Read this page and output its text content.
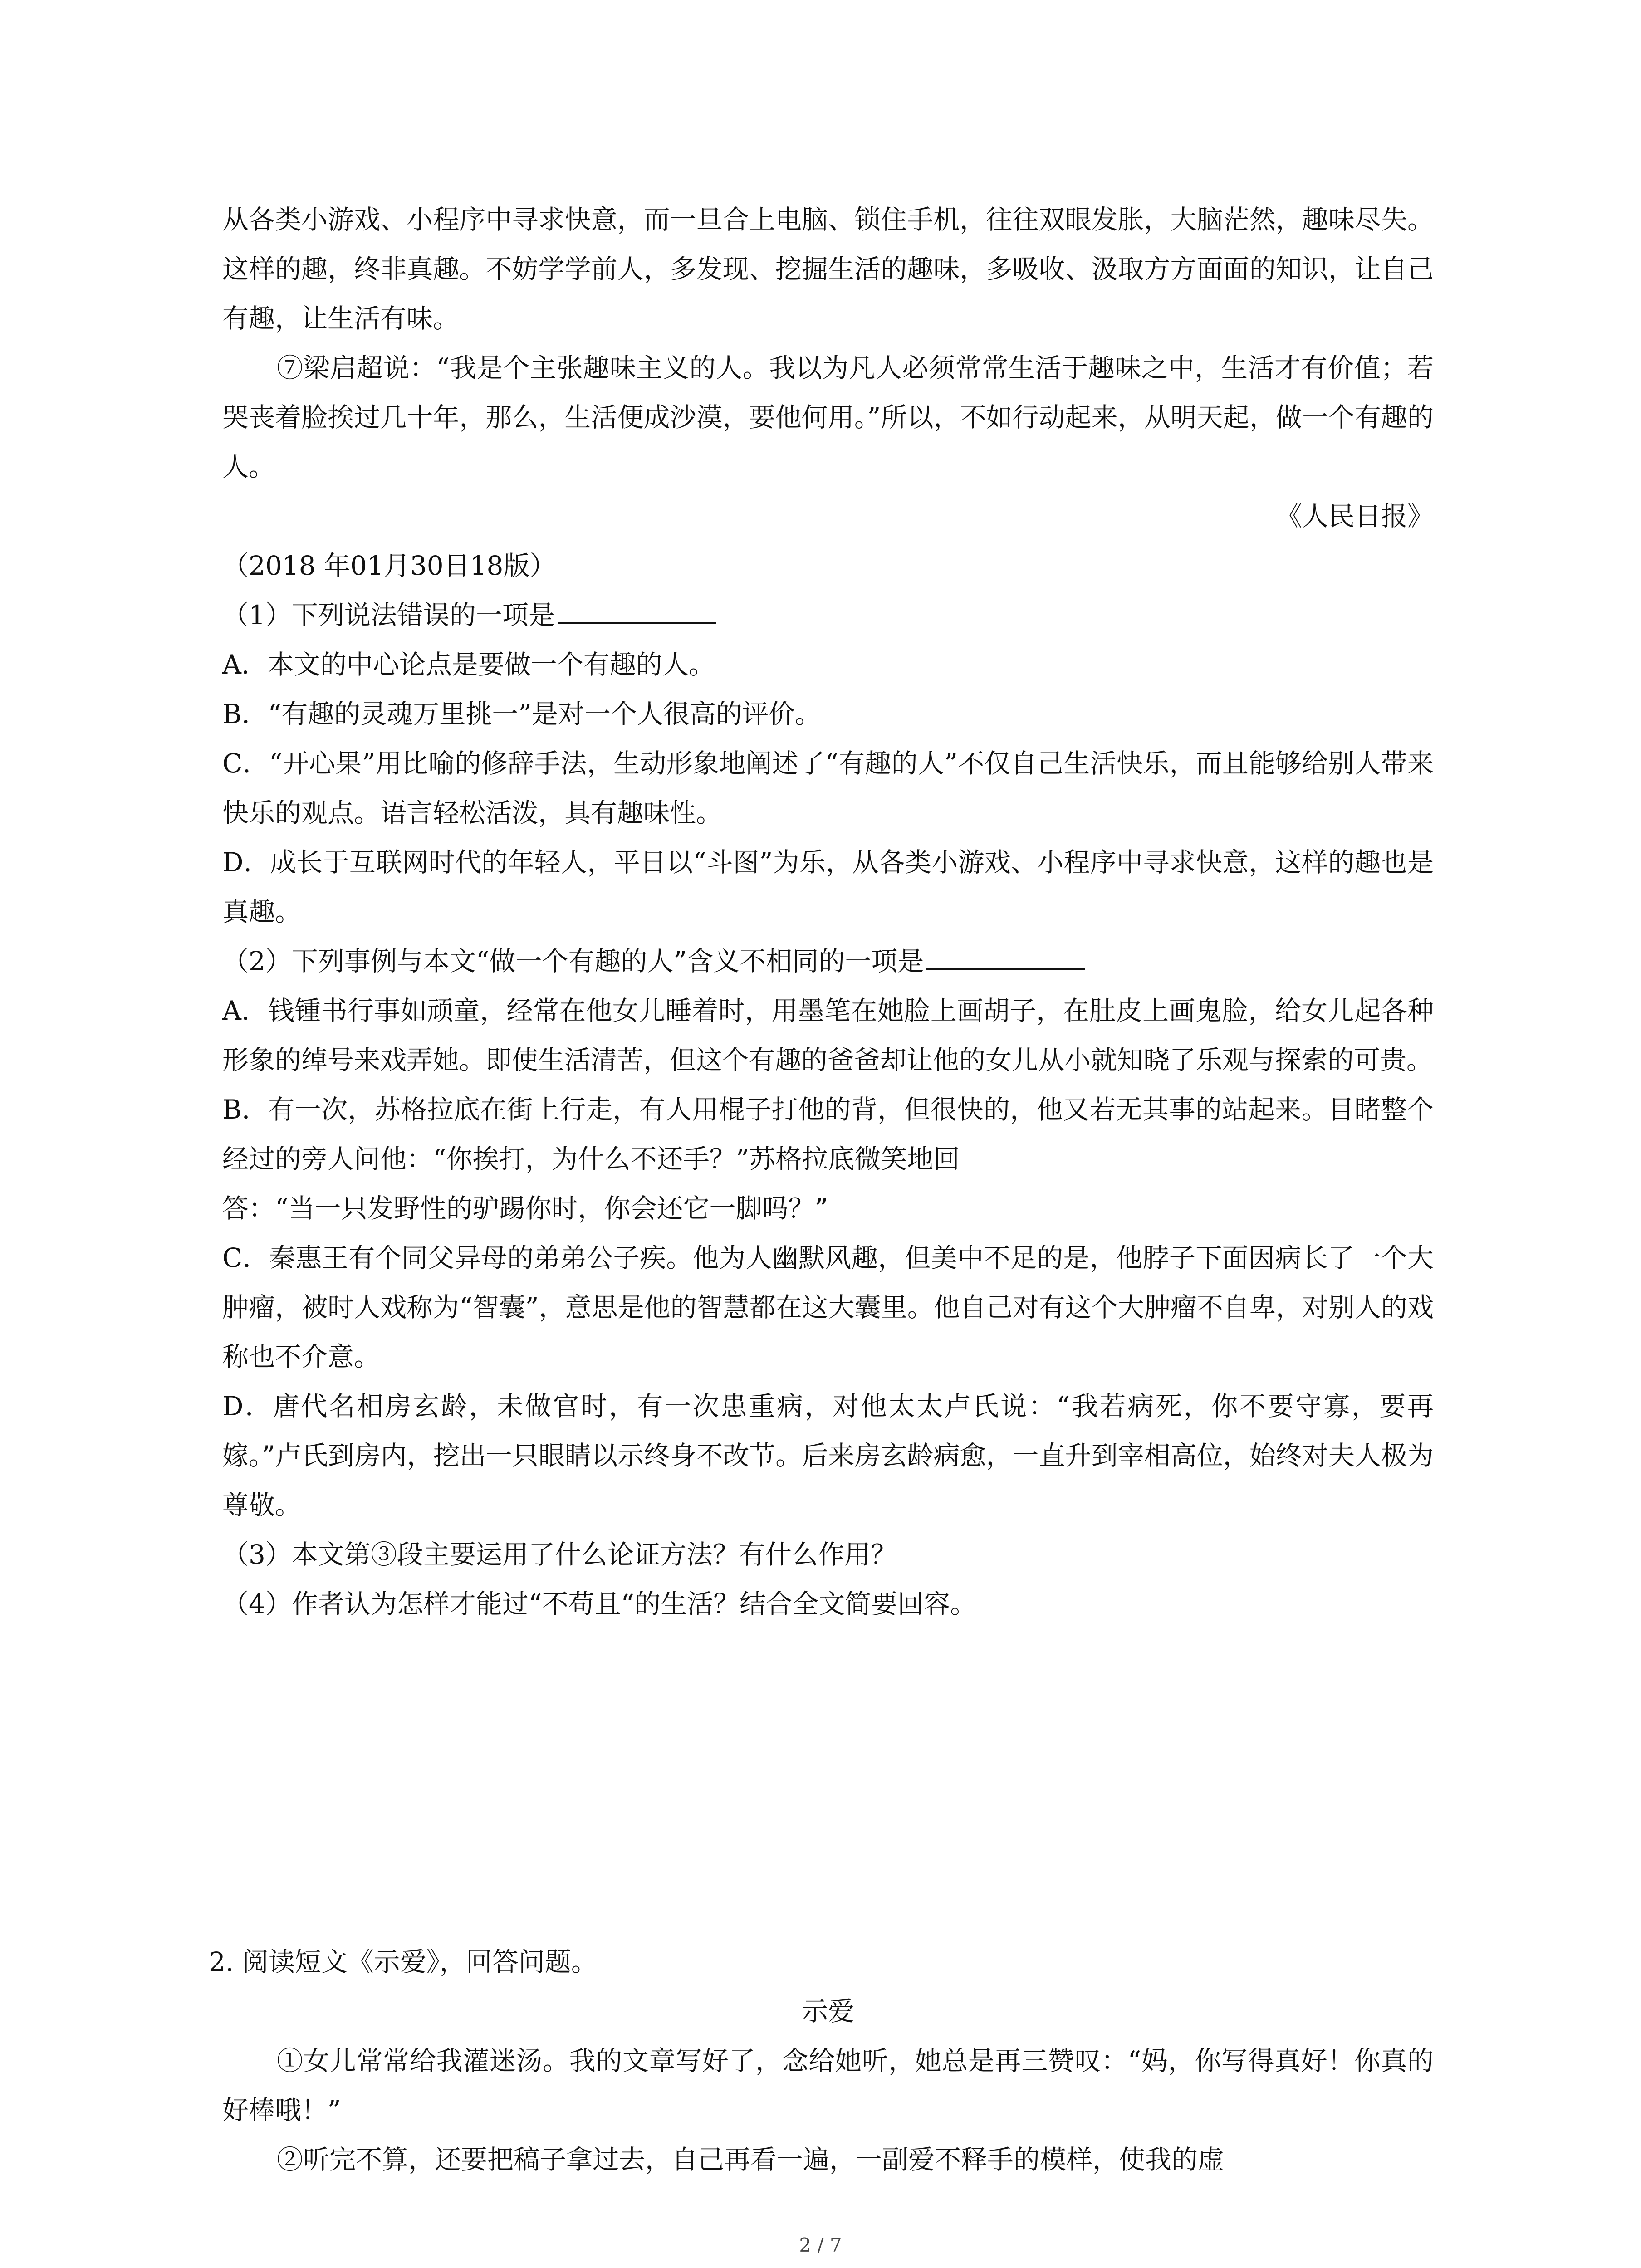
从各类小游戏、小程序中寻求快意，而一旦合上电脑、锁住手机，往往双眼发胀，大脑茫然，趣味尽失。这样的趣，终非真趣。不妨学学前人，多发现、挖掘生活的趣味，多吸收、汲取方方面面的知识，让自己有趣，让生活有味。

⑦梁启超说：“我是个主张趣味主义的人。我以为凡人必须常常生活于趣味之中，生活才有价值；若哭丧着脸挨过几十年，那么，生活便成沙漠，要他何用。”所以，不如行动起来，从明天起，做一个有趣的人。

《人民日报》

（2018 年01月30日18版）

（1）下列说法错误的一项是

A．本文的中心论点是要做一个有趣的人。

B．“有趣的灵魂万里挑一”是对一个人很高的评价。

C．“开心果”用比喻的修辞手法，生动形象地阐述了“有趣的人”不仅自己生活快乐，而且能够给别人带来快乐的观点。语言轻松活泼，具有趣味性。

D．成长于互联网时代的年轻人，平日以“斗图”为乐，从各类小游戏、小程序中寻求快意，这样的趣也是真趣。

（2）下列事例与本文“做一个有趣的人”含义不相同的一项是

A．钱锺书行事如顽童，经常在他女儿睡着时，用墨笔在她脸上画胡子，在肚皮上画鬼脸，给女儿起各种形象的绰号来戏弄她。即使生活清苦，但这个有趣的爸爸却让他的女儿从小就知晓了乐观与探索的可贵。

B．有一次，苏格拉底在街上行走，有人用棍子打他的背，但很快的，他又若无其事的站起来。目睹整个经过的旁人问他：“你挨打，为什么不还手？”苏格拉底微笑地回

答：“当一只发野性的驴踢你时，你会还它一脚吗？”

C．秦惠王有个同父异母的弟弟公子疾。他为人幽默风趣，但美中不足的是，他脖子下面因病长了一个大肿瘤，被时人戏称为“智囊”，意思是他的智慧都在这大囊里。他自己对有这个大肿瘤不自卑，对别人的戏称也不介意。

D．唐代名相房玄龄，未做官时，有一次患重病，对他太太卢氏说：“我若病死，你不要守寡，要再嫁。”卢氏到房内，挖出一只眼睛以示终身不改节。后来房玄龄病愈，一直升到宰相高位，始终对夫人极为尊敬。

（3）本文第③段主要运用了什么论证方法？有什么作用？

（4）作者认为怎样才能过“不苟且“的生活？结合全文简要回容。

2. 阅读短文《示爱》，回答问题。

示爱

①女儿常常给我灌迷汤。我的文章写好了，念给她听，她总是再三赞叹：“妈，你写得真好！你真的好棒哦！”

②听完不算，还要把稿子拿过去，自己再看一遍，一副爱不释手的模样，使我的虚

2 / 7
